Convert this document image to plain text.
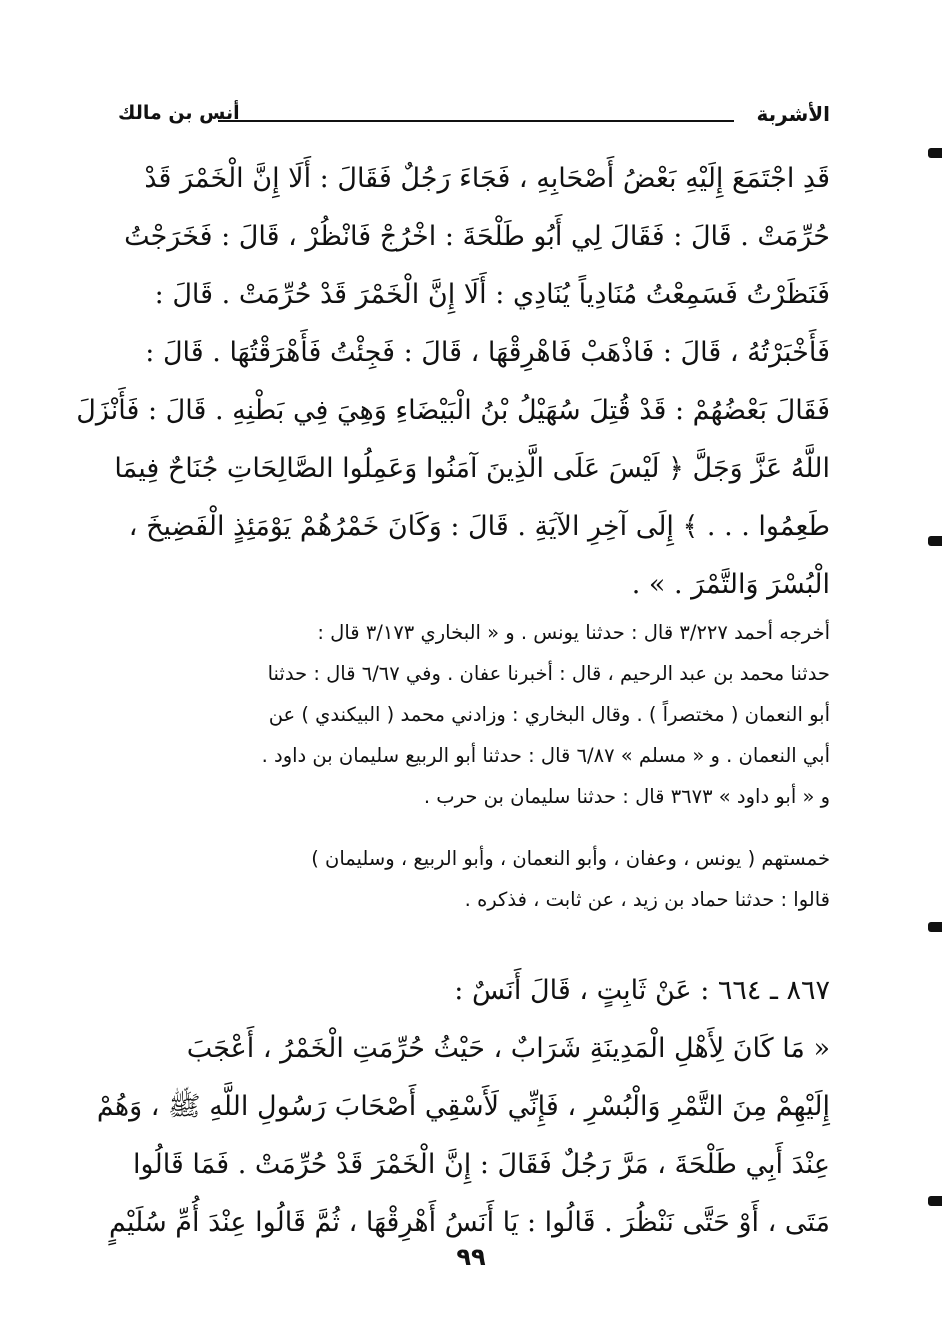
الأشربة
أنس بن مالك
قَدِ اجْتَمَعَ إِلَيْهِ بَعْضُ أَصْحَابِهِ ، فَجَاءَ رَجُلٌ فَقَالَ : أَلَا إِنَّ الْخَمْرَ قَدْ
حُرِّمَتْ . قَالَ : فَقَالَ لِي أَبُو طَلْحَةَ : اخْرُجْ فَانْظُرْ ، قَالَ : فَخَرَجْتُ
فَنَظَرْتُ فَسَمِعْتُ مُنَادِياً يُنَادِي : أَلَا إِنَّ الْخَمْرَ قَدْ حُرِّمَتْ . قَالَ :
فَأَخْبَرْتُهُ ، قَالَ : فَاذْهَبْ فَاهْرِقْهَا ، قَالَ : فَجِئْتُ فَأَهْرَقْتُهَا . قَالَ :
فَقَالَ بَعْضُهُمْ : قَدْ قُتِلَ سُهَيْلُ بْنُ الْبَيْضَاءِ وَهِيَ فِي بَطْنِهِ . قَالَ : فَأَنْزَلَ
اللَّهُ عَزَّ وَجَلَّ ﴿ لَيْسَ عَلَى الَّذِينَ آمَنُوا وَعَمِلُوا الصَّالِحَاتِ جُنَاحٌ فِيمَا
طَعِمُوا . . . ﴾ إِلَى آخِرِ الآيَةِ . قَالَ : وَكَانَ خَمْرُهُمْ يَوْمَئِذٍ الْفَضِيخَ ،
الْبُسْرَ وَالتَّمْرَ . » .
أخرجه أحمد ٣/٢٢٧ قال : حدثنا يونس . و « البخاري ٣/١٧٣ قال :
حدثنا محمد بن عبد الرحيم ، قال : أخبرنا عفان . وفي ٦/٦٧ قال : حدثنا
أبو النعمان ( مختصراً ) . وقال البخاري : وزادني محمد ( البيكندي ) عن
أبي النعمان . و « مسلم » ٦/٨٧ قال : حدثنا أبو الربيع سليمان بن داود .
و « أبو داود » ٣٦٧٣ قال : حدثنا سليمان بن حرب .
خمستهم ( يونس ، وعفان ، وأبو النعمان ، وأبو الربيع ، وسليمان )
قالوا : حدثنا حماد بن زيد ، عن ثابت ، فذكره .
٨٦٧ ـ ٦٦٤ : عَنْ ثَابِتٍ ، قَالَ أَنَسٌ :
« مَا كَانَ لِأَهْلِ الْمَدِينَةِ شَرَابٌ ، حَيْثُ حُرِّمَتِ الْخَمْرُ ، أَعْجَبَ
إِلَيْهِمْ مِنَ التَّمْرِ وَالْبُسْرِ ، فَإِنِّي لَأَسْقِي أَصْحَابَ رَسُولِ اللَّهِ ﷺ ، وَهُمْ
عِنْدَ أَبِي طَلْحَةَ ، مَرَّ رَجُلٌ فَقَالَ : إِنَّ الْخَمْرَ قَدْ حُرِّمَتْ . فَمَا قَالُوا
مَتَى ، أَوْ حَتَّى نَنْظُرَ . قَالُوا : يَا أَنَسُ أَهْرِقْهَا ، ثُمَّ قَالُوا عِنْدَ أُمِّ سُلَيْمٍ
٩٩
